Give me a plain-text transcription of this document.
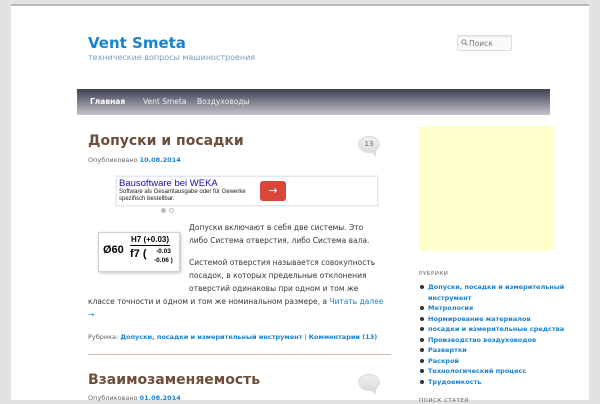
Vent Smeta
технические вопросы машиностроения
Поиск
Главная Vent Smeta Воздуховоды
Допуски и посадки
Опубликовано 10.08.2014
13
Bausoftware bei WEKA
Software als Gesamtausgabe oder für Gewerke spezifisch bestellbar.
→
Ø60
H7 (+0.03)
f7 ( -0.03
-0.06 )
Допуски включают в себя две системы. Это
либо Система отверстия, либо Система вала.
Системой отверстия называется совокупность
посадок, в которых предельные отклонения
отверстий одинаковы при одном и том же
классе точности и одном и том же номинальном размере, а Читать далее
→
Рубрика: Допуски, посадки и измерительный инструмент | Комментарии (13)
Взаимозаменяемость
Опубликовано 01.08.2014
РУБРИКИ
Допуски, посадки и измерительный
инструмент
Метрология
Нормирование материалов
посадки и измерительные средства
Производство воздуховодов
Развертки
Раскрой
Технологический процесс
Трудоемкость
ПОИСК СТАТЕЙ
